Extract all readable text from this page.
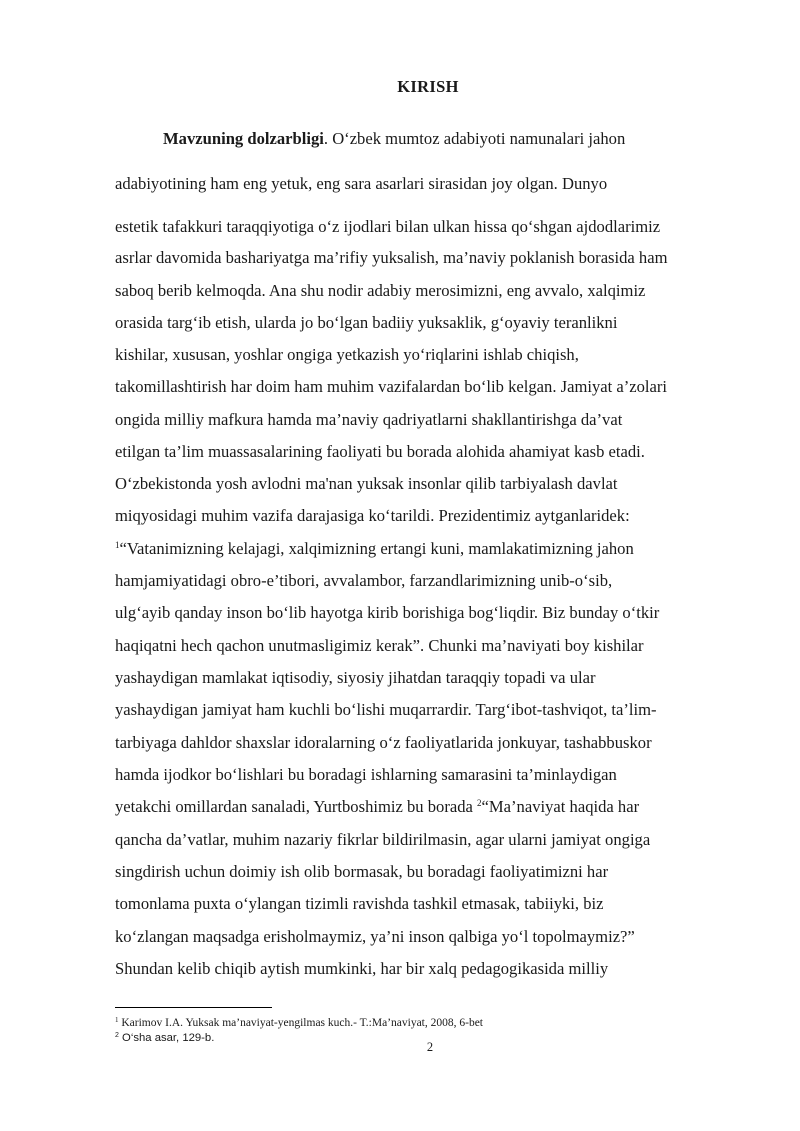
KIRISH
Mavzuning dolzarbligi. O‘zbek mumtoz adabiyoti namunalari jahon
adabiyotining ham eng yetuk, eng sara asarlari sirasidan joy olgan. Dunyo
estetik tafakkuri taraqqiyotiga o‘z ijodlari bilan ulkan hissa qo‘shgan ajdodlarimiz
asrlar davomida bashariyatga ma’rifiy yuksalish, ma’naviy poklanish borasida ham
saboq berib kelmoqda. Ana shu nodir adabiy merosimizni, eng avvalo, xalqimiz
orasida targ‘ib etish, ularda jo bo‘lgan badiiy yuksaklik, g‘oyaviy teranlikni
kishilar, xususan, yoshlar ongiga yetkazish yo‘riqlarini ishlab chiqish,
takomillashtirish har doim ham muhim vazifalardan bo‘lib kelgan. Jamiyat a’zolari
ongida milliy mafkura hamda ma’naviy qadriyatlarni shakllantirishga da’vat
etilgan ta’lim muassasalarining faoliyati bu borada alohida ahamiyat kasb etadi.
O‘zbekistonda yosh avlodni ma'nan yuksak insonlar qilib tarbiyalash davlat
miqyosidagi muhim vazifa darajasiga ko‘tarildi. Prezidentimiz aytganlaridek:
$^1$“Vatanimizning kelajagi, xalqimizning ertangi kuni, mamlakatimizning jahon
hamjamiyatidagi obro-e’tibori, avvalambor, farzandlarimizning unib-o‘sib,
ulg‘ayib qanday inson bo‘lib hayotga kirib borishiga bog‘liqdir. Biz bunday o‘tkir
haqiqatni hech qachon unutmasligimiz kerak”. Chunki ma’naviyati boy kishilar
yashaydigan mamlakat iqtisodiy, siyosiy jihatdan taraqqiy topadi va ular
yashaydigan jamiyat ham kuchli bo‘lishi muqarrardir. Targ‘ibot-tashviqot, ta’lim-
tarbiyaga dahldor shaxslar idoralarning o‘z faoliyatlarida jonkuyar, tashabbuskor
hamda ijodkor bo‘lishlari bu boradagi ishlarning samarasini ta’minlaydigan
yetakchi omillardan sanaladi, Yurtboshimiz bu borada $^2$“Ma’naviyat haqida har
qancha da’vatlar, muhim nazariy fikrlar bildirilmasin, agar ularni jamiyat ongiga
singdirish uchun doimiy ish olib bormasak, bu boradagi faoliyatimizni har
tomonlama puxta o‘ylangan tizimli ravishda tashkil etmasak, tabiiyki, biz
ko‘zlangan maqsadga erisholmaymiz, ya’ni inson qalbiga yo‘l topolmaymiz?”
Shundan kelib chiqib aytish mumkinki, har bir xalq pedagogikasida milliy
$^1$ Karimov I.A. Yuksak ma’naviyat-yengilmas kuch.- T.:Ma’naviyat, 2008, 6-bet
$^2$ O‘sha asar, 129-b.
2
